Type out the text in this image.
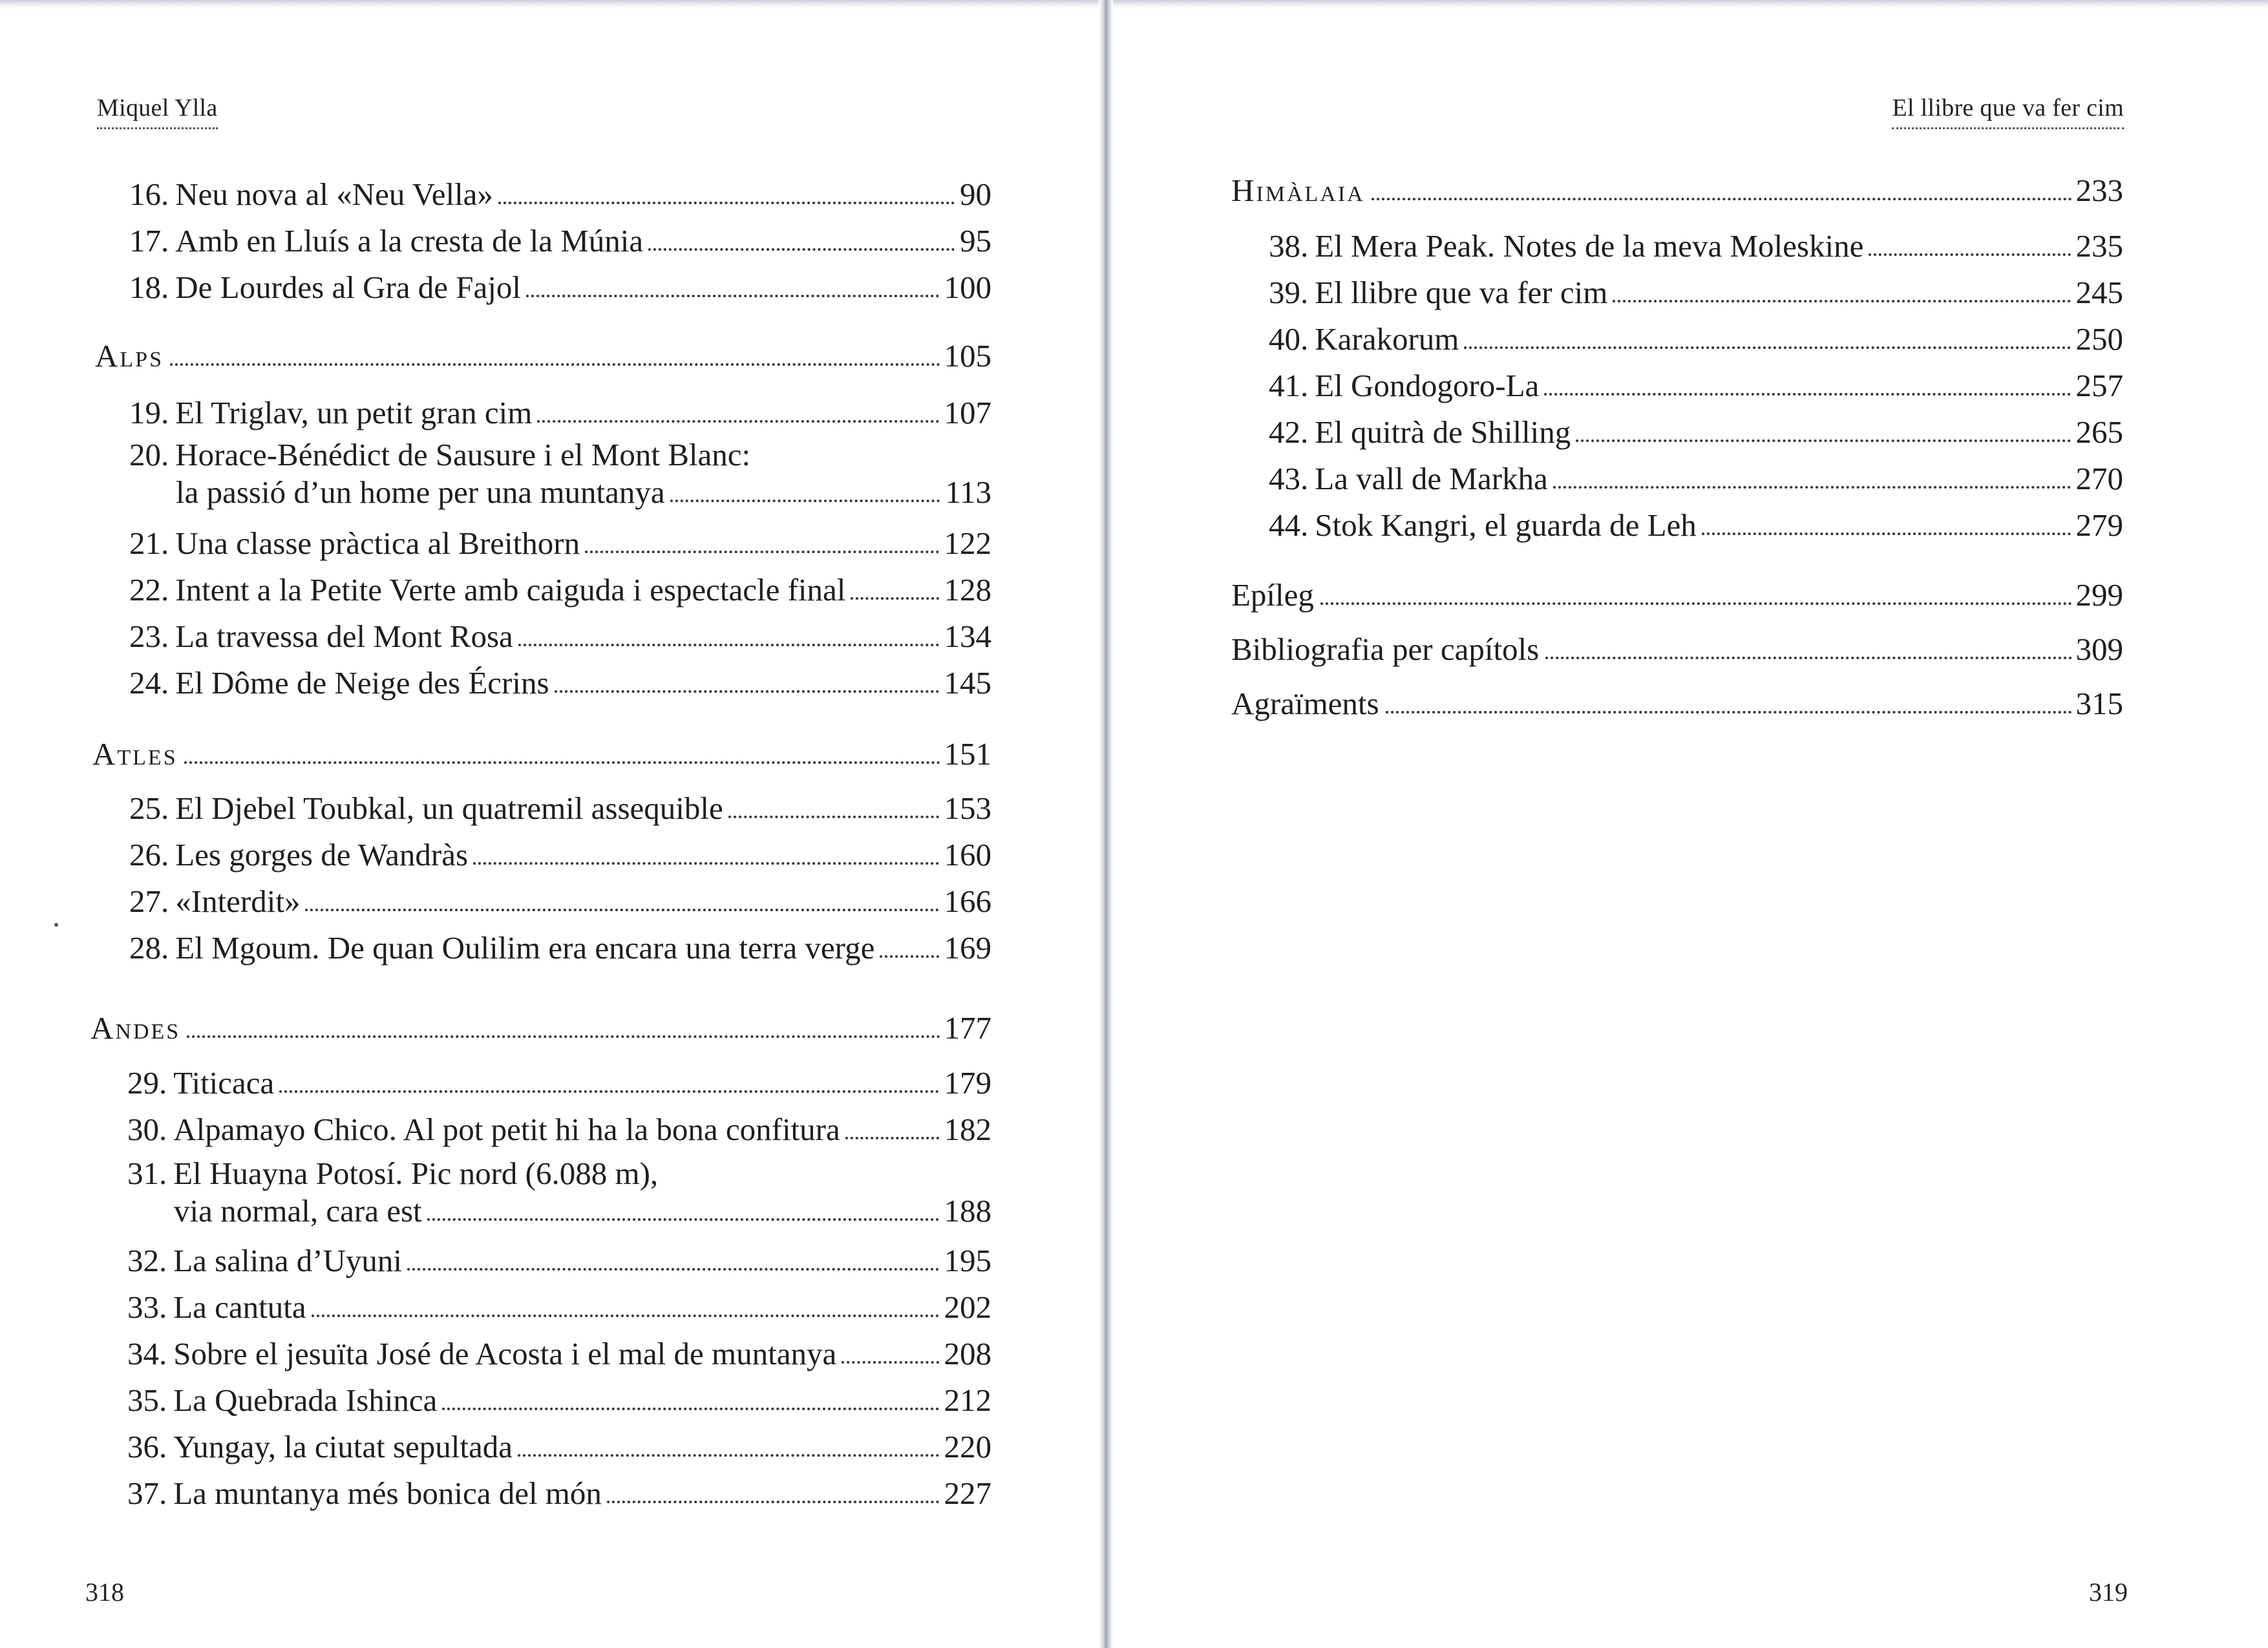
Miquel Ylla
16. Neu nova al «Neu Vella»	90
17. Amb en Lluís a la cresta de la Múnia	95
18. De Lourdes al Gra de Fajol	100
Alps	105
19. El Triglav, un petit gran cim	107
20. Horace-Bénédict de Sausure i el Mont Blanc:
la passió d’un home per una muntanya	113
21. Una classe pràctica al Breithorn	122
22. Intent a la Petite Verte amb caiguda i espectacle final	128
23. La travessa del Mont Rosa	134
24. El Dôme de Neige des Écrins	145
Atles	151
25. El Djebel Toubkal, un quatremil assequible	153
26. Les gorges de Wandràs	160
27. «Interdit»	166
28. El Mgoum. De quan Oulilim era encara una terra verge 169
Andes	177
29. Titicaca	179
30. Alpamayo Chico. Al pot petit hi ha la bona confitura	182
31. El Huayna Potosí. Pic nord (6.088 m),
via normal, cara est	188
32. La salina d’Uyuni	195
33. La cantuta	202
34. Sobre el jesuïta José de Acosta i el mal de muntanya	208
35. La Quebrada Ishinca	212
36. Yungay, la ciutat sepultada	220
37. La muntanya més bonica del món	227
318
El llibre que va fer cim
Himàlaia	233
38. El Mera Peak. Notes de la meva Moleskine	235
39. El llibre que va fer cim	245
40. Karakorum	250
41. El Gondogoro-La	257
42. El quitrà de Shilling	265
43. La vall de Markha	270
44. Stok Kangri, el guarda de Leh	279
Epíleg	299
Bibliografia per capítols	309
Agraïments	315
319
